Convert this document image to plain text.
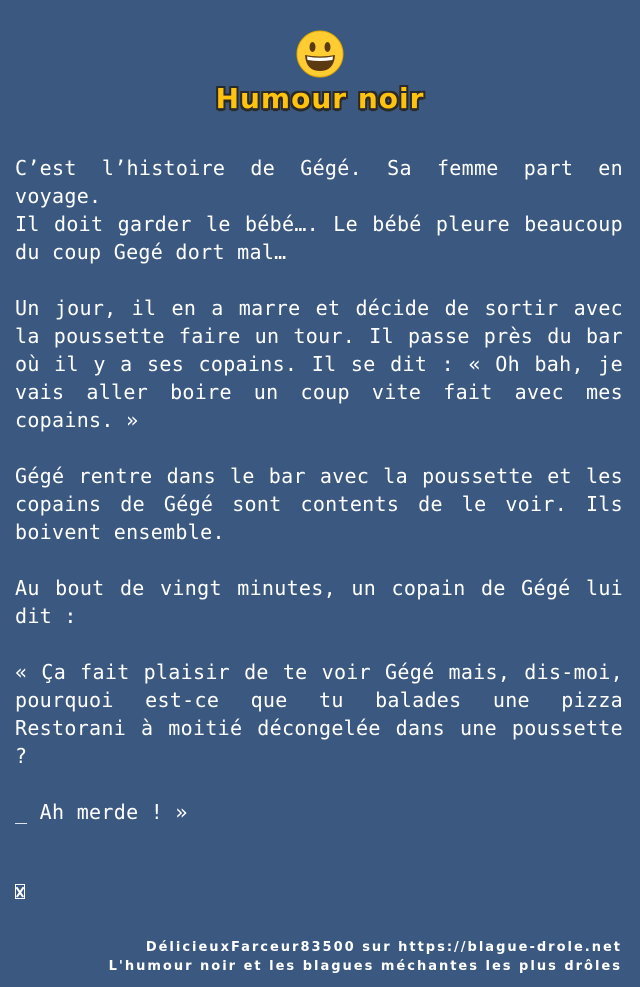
Humour noir

C’est l’histoire de Gégé. Sa femme part en voyage.
Il doit garder le bébé…. Le bébé pleure beaucoup du coup Gegé dort mal…

Un jour, il en a marre et décide de sortir avec la poussette faire un tour. Il passe près du bar où il y a ses copains. Il se dit : « Oh bah, je vais aller boire un coup vite fait avec mes copains. »

Gégé rentre dans le bar avec la poussette et les copains de Gégé sont contents de le voir. Ils boivent ensemble.

Au bout de vingt minutes, un copain de Gégé lui dit :

« Ça fait plaisir de te voir Gégé mais, dis-moi, pourquoi est-ce que tu balades une pizza Restorani à moitié décongelée dans une poussette ?

_ Ah merde ! »

DélicieuxFarceur83500 sur https://blague-drole.net
L'humour noir et les blagues méchantes les plus drôles
